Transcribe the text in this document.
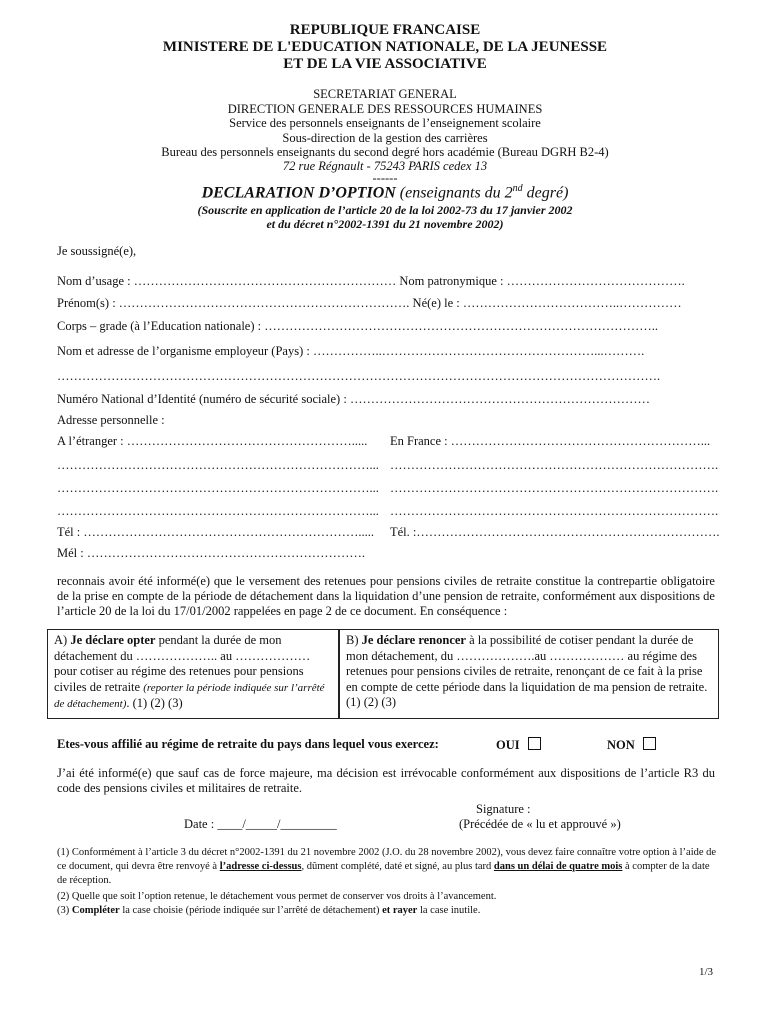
REPUBLIQUE FRANCAISE
MINISTERE DE L'EDUCATION NATIONALE, DE LA JEUNESSE
ET DE LA VIE ASSOCIATIVE
SECRETARIAT GENERAL
DIRECTION GENERALE DES RESSOURCES HUMAINES
Service des personnels enseignants de l’enseignement scolaire
Sous-direction de la gestion des carrières
Bureau des personnels enseignants du second degré hors académie (Bureau DGRH B2-4)
72 rue Régnault - 75243 PARIS cedex 13
------
DECLARATION D’OPTION (enseignants du 2nd degré)
(Souscrite en application de l’article 20 de la loi 2002-73 du 17 janvier 2002
et du décret n°2002-1391 du 21 novembre 2002)
Je soussigné(e),
Nom d’usage : ……………………………………………………… Nom patronymique : …………………………………….
Prénom(s) : ……………………………………………………………. Né(e) le : ………………………………..……………
Corps – grade (à l’Education nationale) : …………………………………………………………………………………..
Nom et adresse de l’organisme employeur (Pays) : ……………..……………………………………………...……….
……………………………………………………………………………………………………………………………….
Numéro National d’Identité (numéro de sécurité sociale) : ………………………………………………………………
Adresse personnelle :
A l’étranger : ………………………………………………..... En France : ……………………………………………………...
…………………………………………………………………... …………………………………………………………………….
…………………………………………………………………... …………………………………………………………………….
…………………………………………………………………... …………………………………………………………………….
Tél : …………………………………………………………..... Tél. :……………………………………………………………….
Mél : ………………………………………………………….
reconnais avoir été informé(e) que le versement des retenues pour pensions civiles de retraite constitue la contrepartie obligatoire de la prise en compte de la période de détachement dans la liquidation d’une pension de retraite, conformément aux dispositions de l’article 20 de la loi du 17/01/2002 rappelées en page 2 de ce document. En conséquence :
A) Je déclare opter pendant la durée de mon détachement du ……………….. au ……………… pour cotiser au régime des retenues pour pensions civiles de retraite (reporter la période indiquée sur l’arrêté de détachement). (1) (2) (3)
B) Je déclare renoncer à la possibilité de cotiser pendant la durée de mon détachement, du ……………….au ……………… au régime des retenues pour pensions civiles de retraite, renonçant de ce fait à la prise en compte de cette période dans la liquidation de ma pension de retraite. (1) (2) (3)
Etes-vous affilié au régime de retraite du pays dans lequel vous exercez:	OUI	NON
J’ai été informé(e) que sauf cas de force majeure, ma décision est irrévocable conformément aux dispositions de l’article R3 du code des pensions civiles et militaires de retraite.
Signature :
(Précédée de « lu et approuvé »)
Date : ____/_____/_________
(1) Conformément à l’article 3 du décret n°2002-1391 du 21 novembre 2002 (J.O. du 28 novembre 2002), vous devez faire connaître votre option à l’aide de ce document, qui devra être renvoyé à l’adresse ci-dessus, dûment complété, daté et signé, au plus tard dans un délai de quatre mois à compter de la date de réception.
(2) Quelle que soit l’option retenue, le détachement vous permet de conserver vos droits à l’avancement.
(3) Compléter la case choisie (période indiquée sur l’arrêté de détachement) et rayer la case inutile.
1/3
